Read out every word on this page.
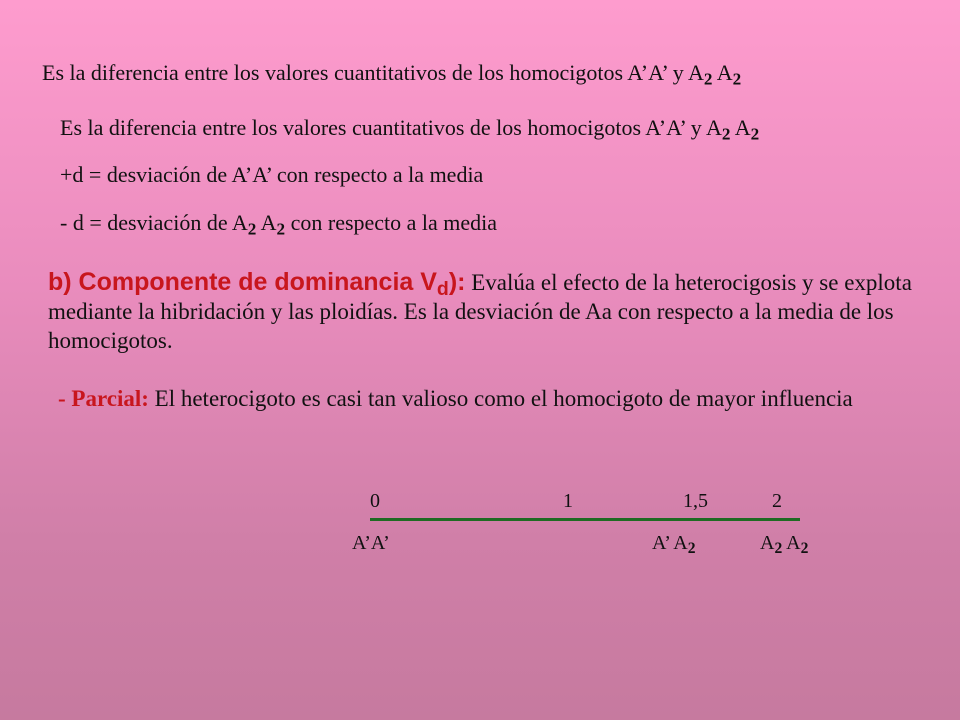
Es la diferencia entre los valores cuantitativos de los homocigotos A’A’ y $A_2$ $A_2$
Es la diferencia entre los valores cuantitativos de los homocigotos A’A’ y $A_2$ $A_2$
+d = desviación de A’A’ con respecto a la media
- d = desviación de $A_2$ $A_2$ con respecto a la media
b) Componente de dominancia $V_d$): Evalúa el efecto de la heterocigosis y se explota mediante la hibridación y las ploidías. Es la desviación de Aa con respecto a la media de los homocigotos.
- Parcial: El heterocigoto es casi tan valioso como el homocigoto de mayor influencia
0	1	1,5	2
A’A’	A’ $A_2$	$A_2$ $A_2$
